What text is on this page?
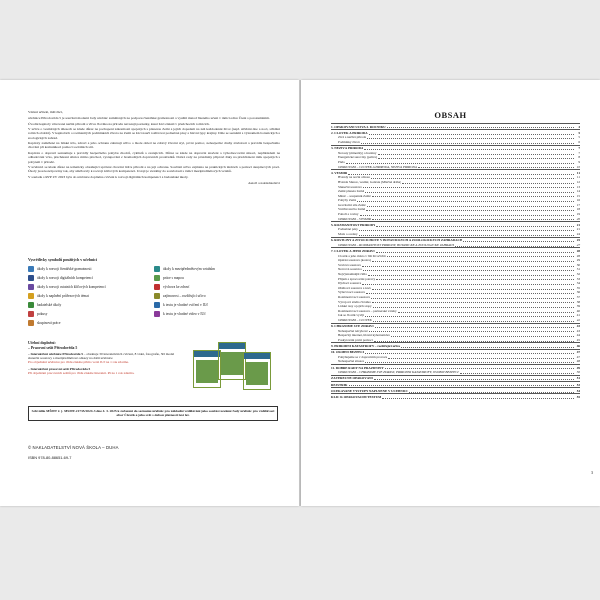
Vážení učitelé, milí žáci,

učebnice Přírodověda 5 je součástí moderní řady učebnic zaměřených na podporu čtenářské gramotnosti a využití metod řízeného učení v rámci edice Čtení s porozuměním.

Úvodní kapitoly věnované nežité přírodě a vlivu člověka na přírodu navazují poznatky, které žáci získali v předchozích ročnících.

V učivu o vesmírných tělesech se klade důraz na pochopení zákonitostí spojených s planetou Zemí a jejích dopadem na náš každodenní život (např. střídání dne a noci, střídání ročních období). V kapitolách o rozmanitých podmínkách života na Zemi se žáci naučí rozlišovat podnebné pásy a hlavní typy krajiny. Dále se seznámí s významem botanických a zoologických zahrad.

Kapitoly zaměřené na lidské tělo, zdraví a jeho ochranu zahrnují učivo o škole ohled na zdravý životní styl, první pomoc, nebezpečné druhy závislostí a pravidla bezpečného chování při komunikaci pomocí sociálních sítí.

Kapitola o dopravě seznamuje s pravidly bezpečného pohybu chodců, cyklistů a cestujících. Důraz se klade na dopravní značení a vyhodnocování situací, napříkladem na odhadování včas, přecházení silnice mimo přechod, vystupování z hromadných dopravních prostředků. Dobré rady na prázdniny připraví žáky na předcházení rizik spojených s pobytem v přírodě.

V učebnici se klade důraz na tematicky obsahující správné chování lidí k přírodě a na její ochranu. Součástí učivo zejména na praktických úlohách a pomocí skupinových prací. Úkoly jsou koncipovány tak, aby směřovaly k rozvoji klíčových kompetencí. Ustojí je uváděny do souvislostí s rámcí mezipředmětových vztahů.

V souladu s RVP ZV 2023 byla do učebnice doplněna cvičení k rozvoji digitálních kompetencí a badatelské úkoly.

Autoři a nakladatelství

Vysvětlivky symbolů použitých v učebnici
úkoly k rozvoji čtenářské gramotnosti
úkoly k rozvoji digitálních kompetencí
úkoly k rozvoji ostatních klíčových kompetencí
úkoly k naplnění průřezových témat
badatelské úkoly
pokusy
skupinová práce
úkoly k mezipředmětovým vztahům
práce s mapou
výchova ke zdraví
zajímavost – rozšiřující učivo
k textu je vhodné cvičení v IUč
k textu je vhodné video v IUč
Učební doplnění:
– Pracovní sešit Přírodověda 5
– Interaktivní učebnice Přírodověda 5 – obsahuje 30 interaktivních cvičení, 8 videí, fotografie, 3D model sluneční soustavy a mezipředmětové odkazy na další učebnice
Pro objednání učebnice pro třídu získáte přímo verzi IUč na 1 rok zdarma.
– Interaktivní pracovní sešit Přírodověda 5
Při objednání pracovních sešitů pro třídu získáte Interakti. Pš na 1 rok zdarma.
Schválilo MŠMT č. j. MSMT-21735/2024-3 dne 4. 3. 2025 k zařazení do seznamu učebnic pro základní vzdělávání jako součást ucelené řady učebnic pro vzdělávací obor Člověk a jeho svět s dobou platnosti šest let.
© NAKLADATELSTVÍ NOVÁ ŠKOLA – DUHA
ISBN 978-80-88651-69-7
OBSAH
1. OPAKOVÁNÍ UČIVA 4. ROČNÍKU	4
2. ČLOVĚK A PŘÍRODA	5
Živá a neživá příroda	5
Podmínky života	6
3. NEŽIVÁ PŘÍRODA	7
Nerosty (minerály) a horniny	7
Energetické suroviny (paliva)	8
Půda	9
OPAKOVÁNÍ – ČLOVĚK A PŘÍRODA, NEŽIVÁ PŘÍRODA	10
4. VESMÍR	11
Hvězdy na noční obloze	11
Hvězda Slunce, vesmír, Galaxie (Mléčná dráha)	12
Sluneční soustava	13
Země planeta Země	14
Měsíc – souputník Země	15
Pohyby Země	16
Gravitační síla Země	17
Vnitřní stavba Země	18
Pohoří a roviny	19
OPAKOVÁNÍ – VESMÍR	20
5. ROZMANITOST PŘÍRODY	21
Podnebné pásy	21
Moře a oceány	24
6. ROSTLINY A ŽIVOČICHOVÉ V BOTANICKÝCH A ZOOLOGICKÝCH ZAHRADÁCH	25
OPAKOVÁNÍ – ROZMANITOST PŘÍRODY, BOTANICKÉ A ZOOLOGICKÉ ZAHRADY	27
7. ČLOVĚK A JEHO ZDRAVÍ	28
Člověk a jeho místo v říši živočichů	28
Opěrná soustava (kostra)	29
Svalová soustava	30
Nervová soustava	31
Nejvýznamnější čidla	32
Příjem a zpracování potravy	33
Dýchací soustava	34
Oběhová soustava a krev	35
Vylučovací soustava	36
Rozmnožovací soustava	37
Vývojová stádia člověka	38
Lidské rasy a jejich stopy	39
Rozmnožovací soustava – partnerské vztahy	40
Jak se člověk vyvíjí	41
OPAKOVÁNÍ – ČLOVĚK	42
8. CHRÁNÍME SVÉ ZDRAVÍ	43
Nebezpečné návykové	43
Bezpečný internet, hlavní kybernetická	44
Poskytování první pomoci	45
9. PŘÍRODNÍ KATASTROFY – rozšiřující učivo	46
10. OSOBNÍ BEZPEČÍ	47
Pohybujeme se v dopravním provozu	47
Nebezpečné situace	48
11. DOBRÉ RADY NA PRÁZDNINY	49
OPAKOVÁNÍ – CHRÁNÍME SVÉ ZDRAVÍ, PŘÍRODNÍ KATASTROFY, OSOBNÍ BEZPEČÍ	50
ZÁVĚREČNÉ OPAKOVÁNÍ	51
REJSTŘÍK	53
OČEKÁVANÉ VÝSTUPY NAPLNĚNÉ V UČEBNICI	54
KLÍČ K OPAKOVACÍM TESTŮM	55
3
